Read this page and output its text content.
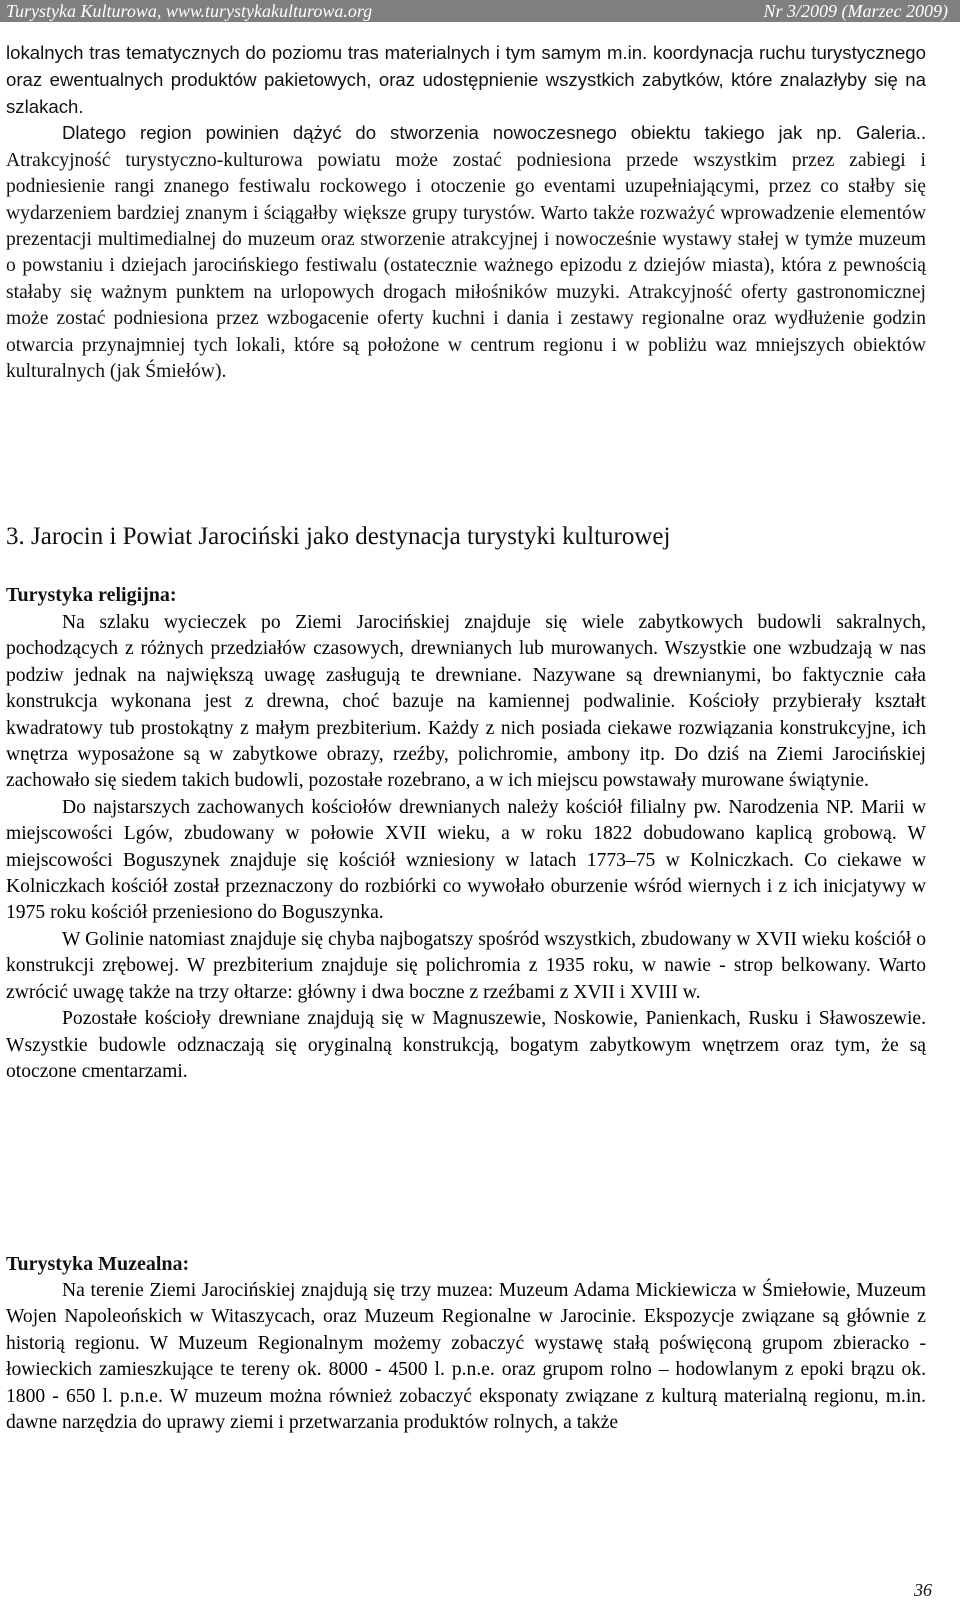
Turystyka Kulturowa, www.turystykakulturowa.org	Nr 3/2009 (Marzec 2009)

lokalnych tras tematycznych do poziomu tras materialnych i tym samym m.in. koordynacja ruchu turystycznego oraz ewentualnych produktów pakietowych, oraz udostępnienie wszystkich zabytków, które znalazłyby się na szlakach.

Dlatego region powinien dążyć do stworzenia nowoczesnego obiektu takiego jak np. Galeria.. Atrakcyjność turystyczno-kulturowa powiatu może zostać podniesiona przede wszystkim przez zabiegi i podniesienie rangi znanego festiwalu rockowego i otoczenie go eventami uzupełniającymi, przez co stałby się wydarzeniem bardziej znanym i ściągałby większe grupy turystów. Warto także rozważyć wprowadzenie elementów prezentacji multimedialnej do muzeum oraz stworzenie atrakcyjnej i nowocześnie wystawy stałej w tymże muzeum o powstaniu i dziejach jarocińskiego festiwalu (ostatecznie ważnego epizodu z dziejów miasta), która z pewnością stałaby się ważnym punktem na urlopowych drogach miłośników muzyki. Atrakcyjność oferty gastronomicznej może zostać podniesiona przez wzbogacenie oferty kuchni i dania i zestawy regionalne oraz wydłużenie godzin otwarcia przynajmniej tych lokali, które są położone w centrum regionu i w pobliżu waz mniejszych obiektów kulturalnych (jak Śmiełów).

3. Jarocin i Powiat Jarociński jako destynacja turystyki kulturowej
Turystyka religijna:

Na szlaku wycieczek po Ziemi Jarocińskiej znajduje się wiele zabytkowych budowli sakralnych, pochodzących z różnych przedziałów czasowych, drewnianych lub murowanych. Wszystkie one wzbudzają w nas podziw jednak na największą uwagę zasługują te drewniane. Nazywane są drewnianymi, bo faktycznie cała konstrukcja wykonana jest z drewna, choć bazuje na kamiennej podwalinie. Kościoły przybierały kształt kwadratowy tub prostokątny z małym prezbiterium. Każdy z nich posiada ciekawe rozwiązania konstrukcyjne, ich wnętrza wyposażone są w zabytkowe obrazy, rzeźby, polichromie, ambony itp. Do dziś na Ziemi Jarocińskiej zachowało się siedem takich budowli, pozostałe rozebrano, a w ich miejscu powstawały murowane świątynie.

Do najstarszych zachowanych kościołów drewnianych należy kościół filialny pw. Narodzenia NP. Marii w miejscowości Lgów, zbudowany w połowie XVII wieku, a w roku 1822 dobudowano kaplicą grobową. W miejscowości Boguszynek znajduje się kościół wzniesiony w latach 1773–75 w Kolniczkach. Co ciekawe w Kolniczkach kościół został przeznaczony do rozbiórki co wywołało oburzenie wśród wiernych i z ich inicjatywy w 1975 roku kościół przeniesiono do Boguszynka.

W Golinie natomiast znajduje się chyba najbogatszy spośród wszystkich, zbudowany w XVII wieku kościół o konstrukcji zrębowej. W prezbiterium znajduje się polichromia z 1935 roku, w nawie - strop belkowany. Warto zwrócić uwagę także na trzy ołtarze: główny i dwa boczne z rzeźbami z XVII i XVIII w.

Pozostałe kościoły drewniane znajdują się w Magnuszewie, Noskowie, Panienkach, Rusku i Sławoszewie. Wszystkie budowle odznaczają się oryginalną konstrukcją, bogatym zabytkowym wnętrzem oraz tym, że są otoczone cmentarzami.

Turystyka Muzealna:

Na terenie Ziemi Jarocińskiej znajdują się trzy muzea: Muzeum Adama Mickiewicza w Śmiełowie, Muzeum Wojen Napoleońskich w Witaszycach, oraz Muzeum Regionalne w Jarocinie. Ekspozycje związane są głównie z historią regionu. W Muzeum Regionalnym możemy zobaczyć wystawę stałą poświęconą grupom zbieracko - łowieckich zamieszkujące te tereny ok. 8000 - 4500 l. p.n.e. oraz grupom rolno – hodowlanym z epoki brązu ok. 1800 - 650 l. p.n.e. W muzeum można również zobaczyć eksponaty związane z kulturą materialną regionu, m.in. dawne narzędzia do uprawy ziemi i przetwarzania produktów rolnych, a także

36
